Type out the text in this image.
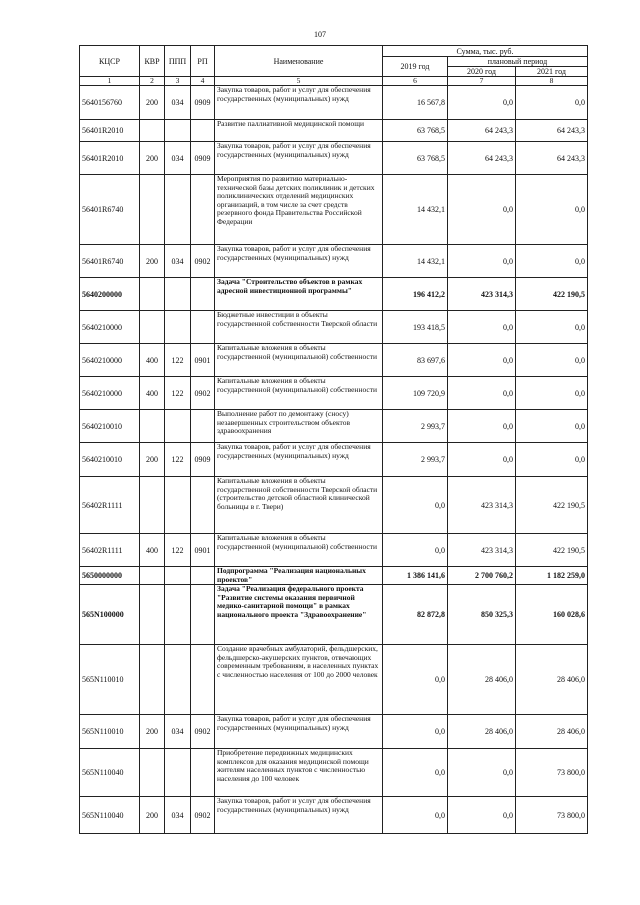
107
КЦСР	КВР	ППП	РП	Наименование	Сумма, тыс. руб.		
					2019 год	плановый период	
						2020 год	2021 год
1	2	3	4	5	6	7	8
5640156760	200	034	0909	Закупка товаров, работ и услуг для обеспечения государственных (муниципальных) нужд	16 567,8	0,0	0,0
56401R2010				Развитие паллиативной медицинской помощи	63 768,5	64 243,3	64 243,3
56401R2010	200	034	0909	Закупка товаров, работ и услуг для обеспечения государственных (муниципальных) нужд	63 768,5	64 243,3	64 243,3
56401R6740				Мероприятия по развитию материально-технической базы детских поликлиник и детских поликлинических отделений медицинских организаций, в том числе за счет средств резервного фонда Правительства Российской Федерации	14 432,1	0,0	0,0
56401R6740	200	034	0902	Закупка товаров, работ и услуг для обеспечения государственных (муниципальных) нужд	14 432,1	0,0	0,0
5640200000				Задача "Строительство объектов в рамках адресной инвестиционной программы"	196 412,2	423 314,3	422 190,5
5640210000				Бюджетные инвестиции в объекты государственной собственности Тверской области	193 418,5	0,0	0,0
5640210000	400	122	0901	Капитальные вложения в объекты государственной (муниципальной) собственности	83 697,6	0,0	0,0
5640210000	400	122	0902	Капитальные вложения в объекты государственной (муниципальной) собственности	109 720,9	0,0	0,0
5640210010				Выполнение работ по демонтажу (сносу) незавершенных строительством объектов здравоохранения	2 993,7	0,0	0,0
5640210010	200	122	0909	Закупка товаров, работ и услуг для обеспечения государственных (муниципальных) нужд	2 993,7	0,0	0,0
56402R1111				Капитальные вложения в объекты государственной собственности Тверской области (строительство детской областной клинической больницы в г. Твери)	0,0	423 314,3	422 190,5
56402R1111	400	122	0901	Капитальные вложения в объекты государственной (муниципальной) собственности	0,0	423 314,3	422 190,5
5650000000				Подпрограмма "Реализация национальных проектов"	1 386 141,6	2 700 760,2	1 182 259,0
565N100000				Задача "Реализация федерального проекта "Развитие системы оказания первичной медико-санитарной помощи" в рамках национального проекта "Здравоохранение"	82 872,8	850 325,3	160 028,6
565N110010				Создание врачебных амбулаторий, фельдшерских, фельдшерско-акушерских пунктов, отвечающих современным требованиям, в населенных пунктах с численностью населения от 100 до 2000 человек	0,0	28 406,0	28 406,0
565N110010	200	034	0902	Закупка товаров, работ и услуг для обеспечения государственных (муниципальных) нужд	0,0	28 406,0	28 406,0
565N110040				Приобретение передвижных медицинских комплексов для оказания медицинской помощи жителям населенных пунктов с численностью населения до 100 человек	0,0	0,0	73 800,0
565N110040	200	034	0902	Закупка товаров, работ и услуг для обеспечения государственных (муниципальных) нужд	0,0	0,0	73 800,0
